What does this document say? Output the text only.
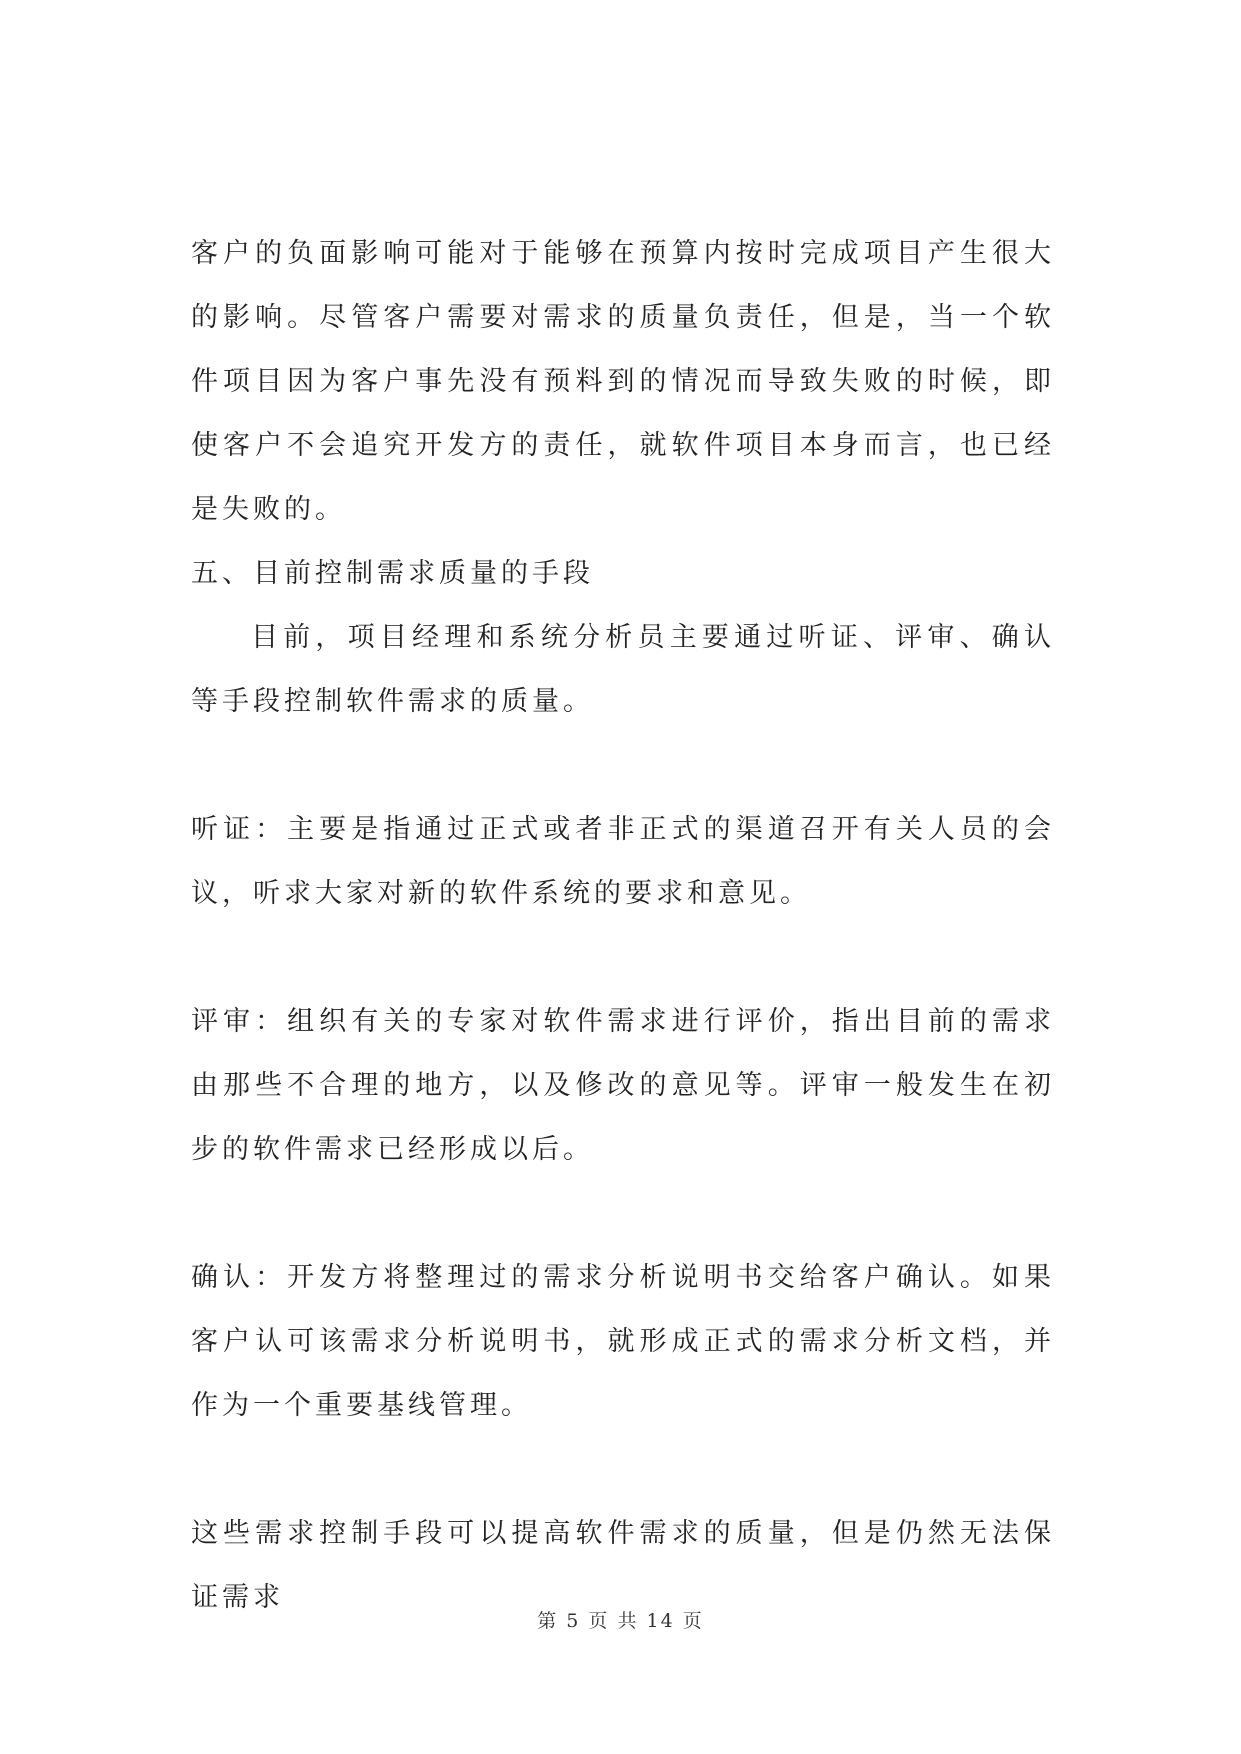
客户的负面影响可能对于能够在预算内按时完成项目产生很大的影响。尽管客户需要对需求的质量负责任，但是，当一个软件项目因为客户事先没有预料到的情况而导致失败的时候，即使客户不会追究开发方的责任，就软件项目本身而言，也已经是失败的。

五、目前控制需求质量的手段

目前，项目经理和系统分析员主要通过听证、评审、确认等手段控制软件需求的质量。

听证：主要是指通过正式或者非正式的渠道召开有关人员的会议，听求大家对新的软件系统的要求和意见。

评审：组织有关的专家对软件需求进行评价，指出目前的需求由那些不合理的地方，以及修改的意见等。评审一般发生在初步的软件需求已经形成以后。

确认：开发方将整理过的需求分析说明书交给客户确认。如果客户认可该需求分析说明书，就形成正式的需求分析文档，并作为一个重要基线管理。

这些需求控制手段可以提高软件需求的质量，但是仍然无法保证需求

第 5 页 共 14 页
